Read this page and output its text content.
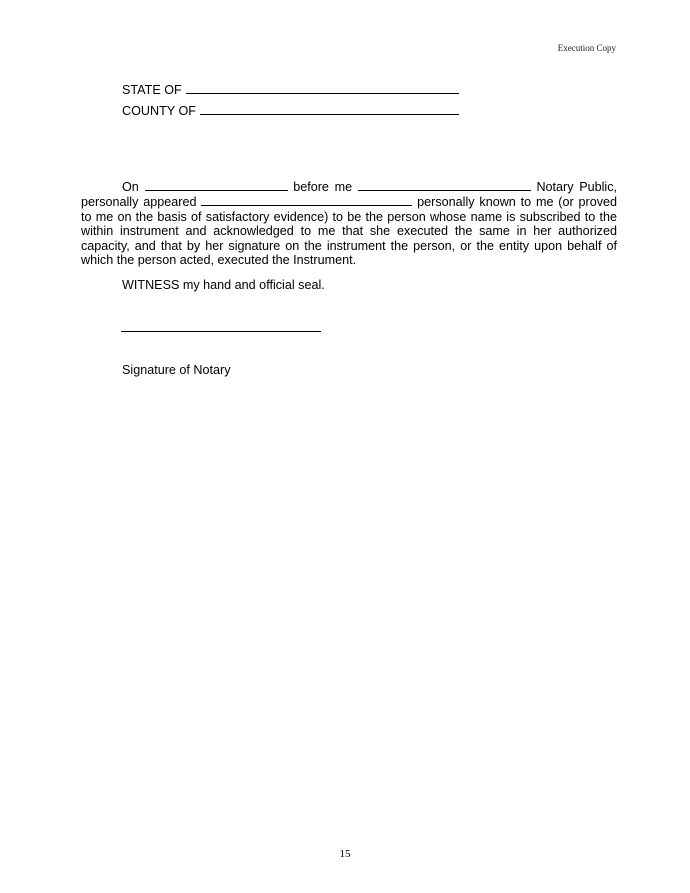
Execution Copy
STATE OF
COUNTY OF

On	before me	Notary Public, personally appeared	personally known to me (or proved to me on the basis of satisfactory evidence) to be the person whose name is subscribed to the within instrument and acknowledged to me that she executed the same in her authorized capacity, and that by her signature on the instrument the person, or the entity upon behalf of which the person acted, executed the Instrument.

WITNESS my hand and official seal.
Signature of Notary
15
